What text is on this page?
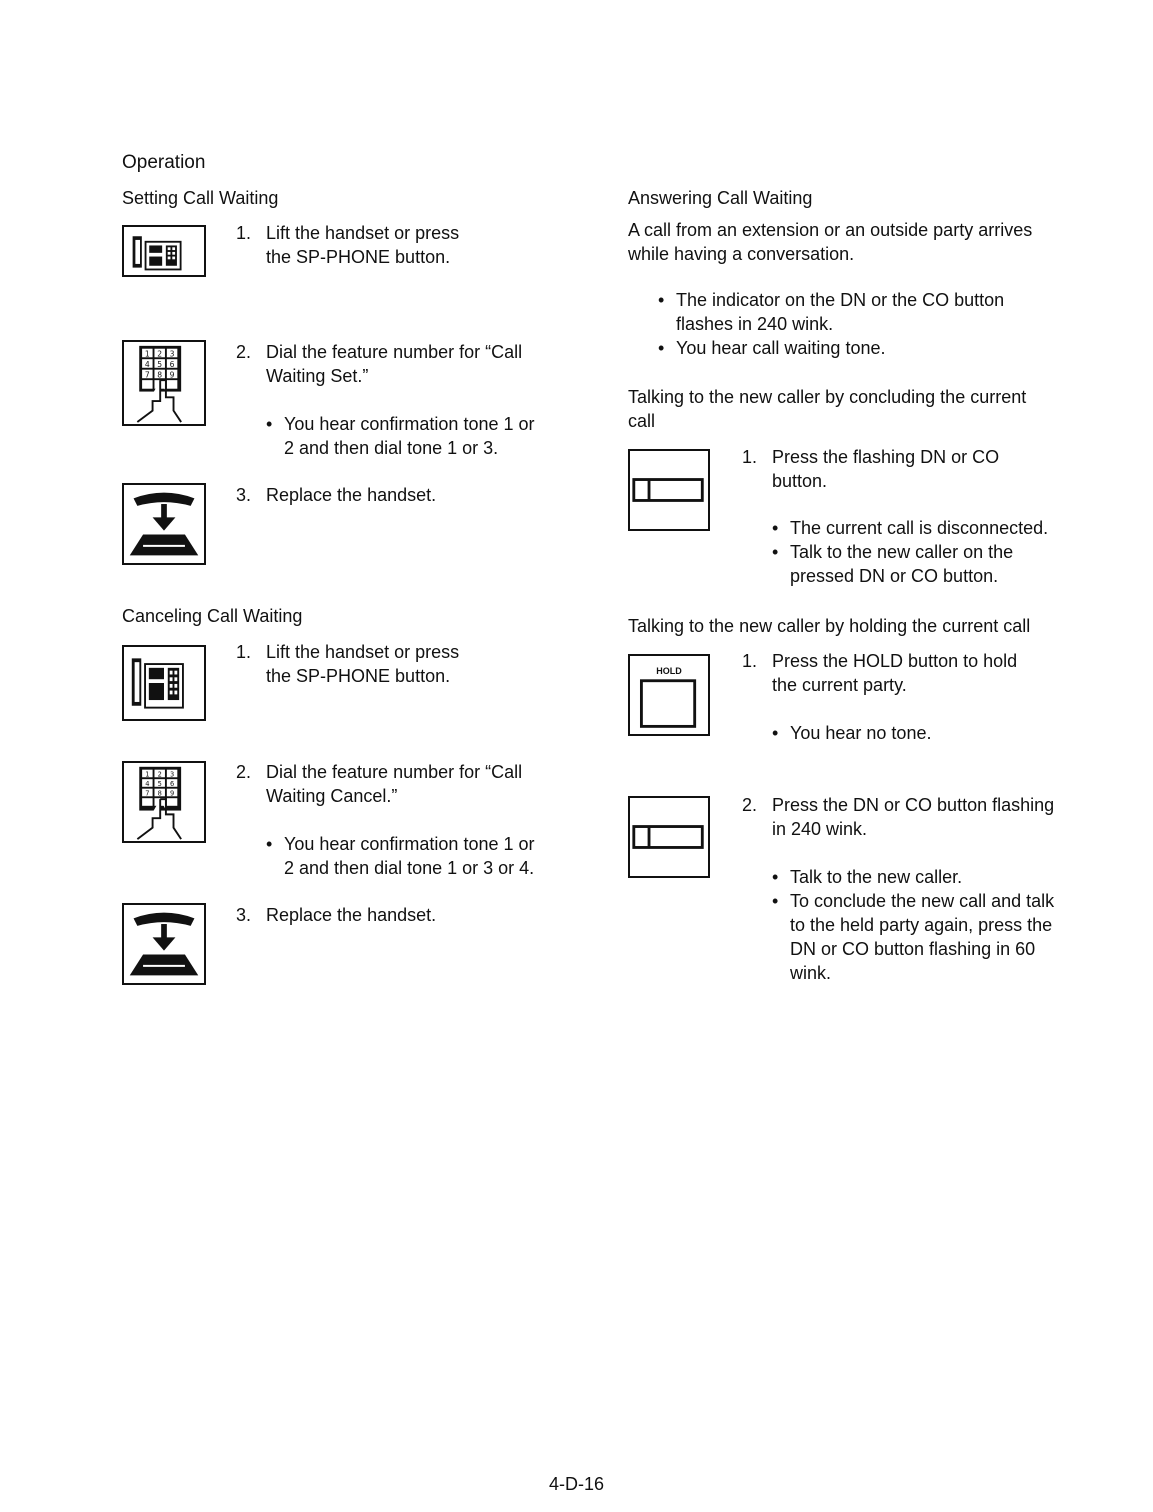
Operation
Setting Call Waiting
1. Lift the handset or press
the SP-PHONE button.
1 2 3
4 5 6
7 8 9
2. Dial the feature number for “Call
Waiting Set.”
• You hear confirmation tone 1 or
2 and then dial tone 1 or 3.
3. Replace the handset.
Canceling Call Waiting
1. Lift the handset or press
the SP-PHONE button.
1 2 3
4 5 6
7 8 9
2. Dial the feature number for “Call
Waiting Cancel.”
• You hear confirmation tone 1 or
2 and then dial tone 1 or 3 or 4.
3. Replace the handset.
Answering Call Waiting
A call from an extension or an outside party arrives
while having a conversation.
• The indicator on the DN or the CO button
flashes in 240 wink.
• You hear call waiting tone.
Talking to the new caller by concluding the current
call
1. Press the flashing DN or CO
button.
• The current call is disconnected.
• Talk to the new caller on the
pressed DN or CO button.
Talking to the new caller by holding the current call
HOLD	1. Press the HOLD button to hold
the current party.
• You hear no tone.
2. Press the DN or CO button flashing
in 240 wink.
• Talk to the new caller.
• To conclude the new call and talk
to the held party again, press the
DN or CO button flashing in 60
wink.
4-D-16
